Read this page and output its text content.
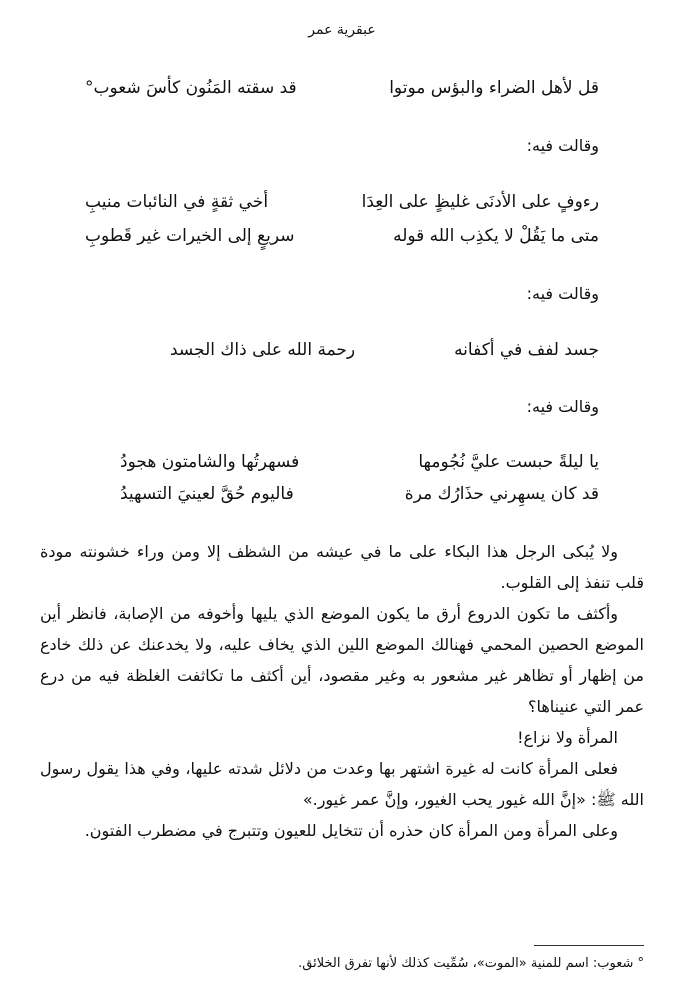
عبقرية عمر
قل لأهل الضراء والبؤس موتوا
قد سقته المَنُون كأسَ شعوب°
وقالت فيه:
رءوفٍ على الأدنَى غليظٍ على العِدَا
أخي ثقةٍ في النائبات منيبِ
متى ما يَقُلْ لا يكذِب الله قوله
سريعٍ إلى الخيرات غير قَطوبِ
وقالت فيه:
جسد لفف في أكفانه
رحمة الله على ذاك الجسد
وقالت فيه:
يا ليلةً حبست عليَّ نُجُومها
فسهرتُها والشامتون هجودُ
قد كان يسهِرني حذَارُك مرة
فاليوم حُقَّ لعينيَ التسهيدُ

ولا يُبكى الرجل هذا البكاء على ما في عيشه من الشظف إلا ومن وراء خشونته مودة قلب تنفذ إلى القلوب.

وأكثف ما تكون الدروع أرق ما يكون الموضع الذي يليها وأخوفه من الإصابة، فانظر أين الموضع الحصين المحمي فهنالك الموضع اللين الذي يخاف عليه، ولا يخدعنك عن ذلك خادع من إظهار أو تظاهر غير مشعور به وغير مقصود، أين أكثف ما تكاثفت الغلظة فيه من درع عمر التي عنيناها؟

المرأة ولا نزاع!

فعلى المرأة كانت له غيرة اشتهر بها وعدت من دلائل شدته عليها، وفي هذا يقول رسول الله ﷺ: «إنَّ الله غيور يحب الغيور، وإنَّ عمر غيور.»

وعلى المرأة ومن المرأة كان حذره أن تتخايل للعيون وتتبرج في مضطرب الفتون.

° شعوب: اسم للمنية «الموت»، سُمِّيت كذلك لأنها تفرق الخلائق.
